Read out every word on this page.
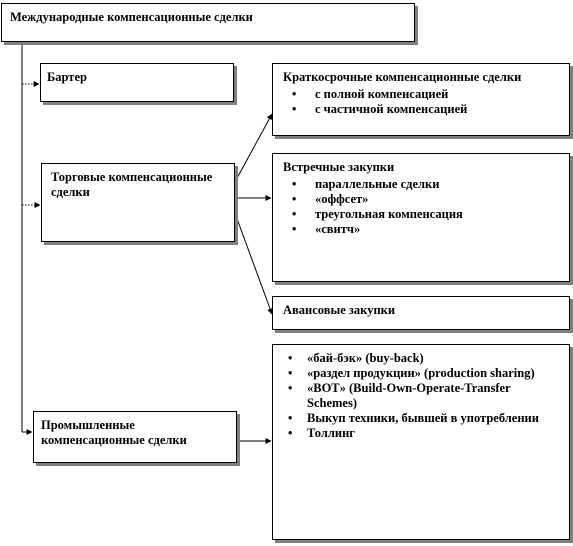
Международные компенсационные сделки
Бартер
Торговые компенсационные сделки
Промышленные компенсационные сделки
Краткосрочные компенсационные сделки
• с полной компенсацией
• с частичной компенсацией
Встречные закупки
• параллельные сделки
• «оффсет»
• треугольная компенсация
• «свитч»
Авансовые закупки
• «бай-бэк» (buy-back)
• «раздел продукции» (production sharing)
• «BOT» (Build-Own-Operate-Transfer Schemes)
• Выкуп техники, бывшей в употреблении
• Толлинг
